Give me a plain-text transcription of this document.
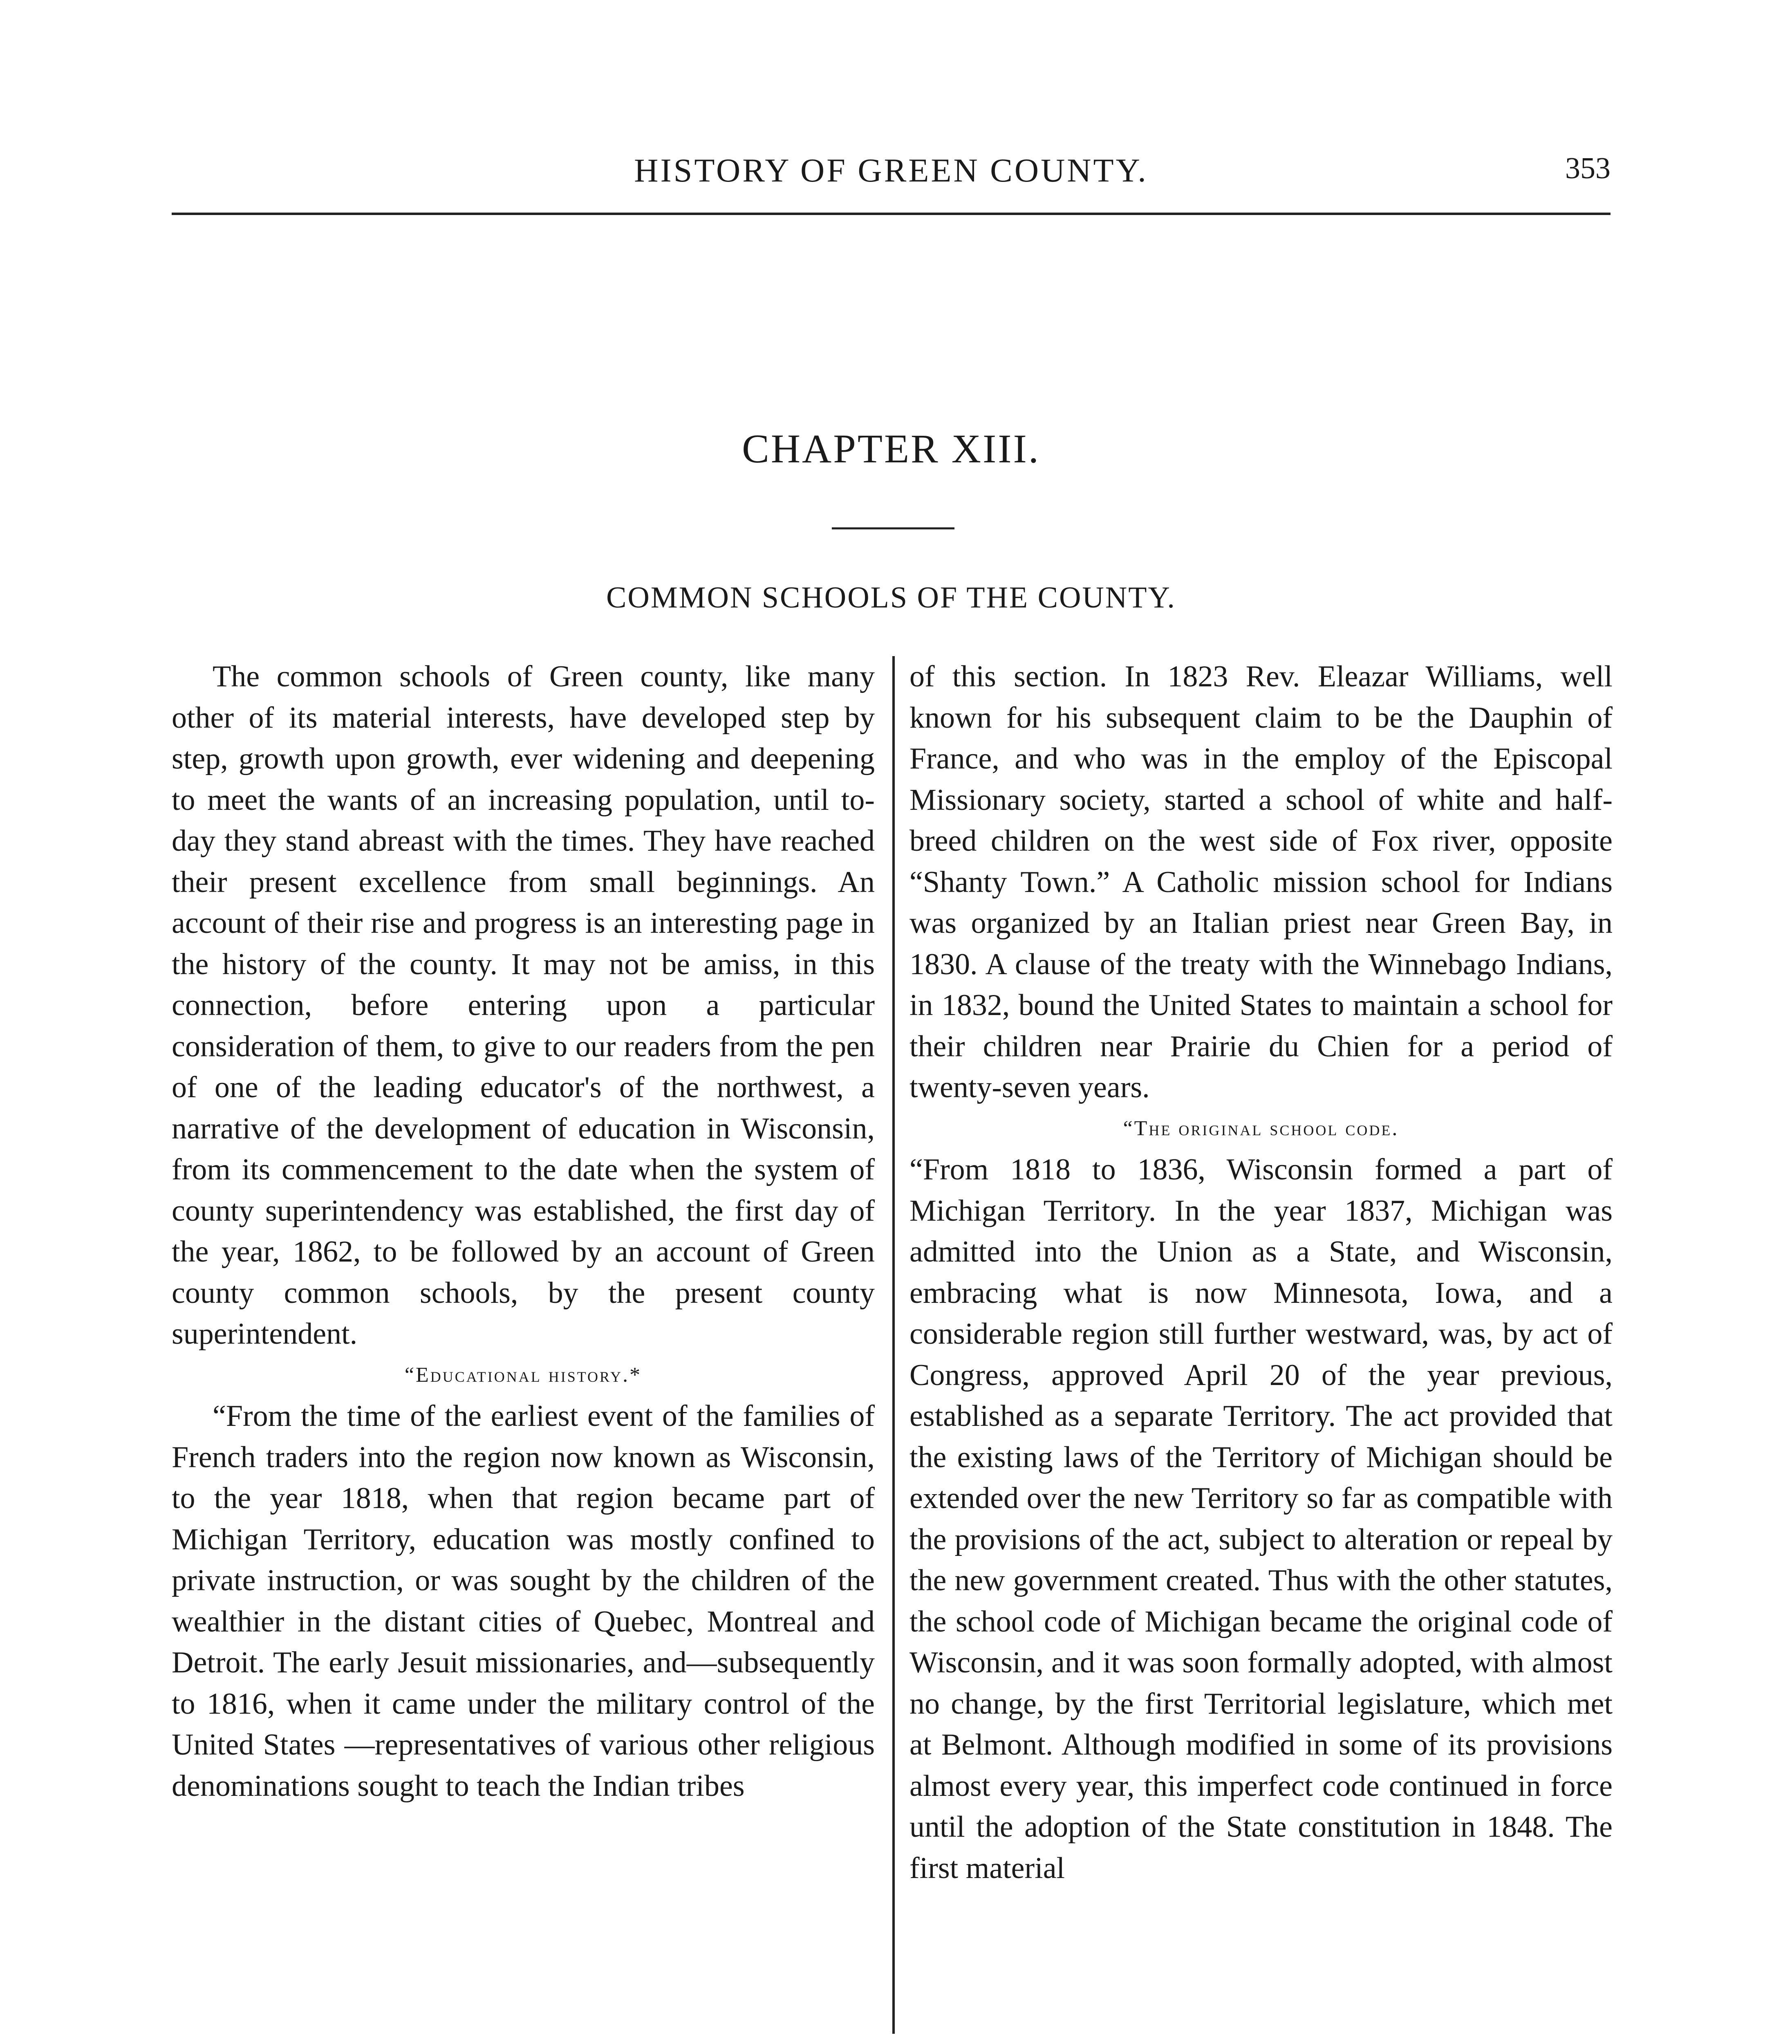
HISTORY OF GREEN COUNTY.	353
CHAPTER XIII.
COMMON SCHOOLS OF THE COUNTY.

The common schools of Green county, like many other of its material interests, have developed step by step, growth upon growth, ever widening and deepening to meet the wants of an increasing population, until to-day they stand abreast with the times. They have reached their present excellence from small beginnings. An account of their rise and progress is an interesting page in the history of the county. It may not be amiss, in this connection, before entering upon a particular consideration of them, to give to our readers from the pen of one of the leading educator's of the northwest, a narrative of the development of education in Wisconsin, from its commencement to the date when the system of county superintendency was established, the first day of the year, 1862, to be followed by an account of Green county common schools, by the present county superintendent.

“Educational history.*

“From the time of the earliest event of the families of French traders into the region now known as Wisconsin, to the year 1818, when that region became part of Michigan Territory, education was mostly confined to private instruction, or was sought by the children of the wealthier in the distant cities of Quebec, Montreal and Detroit. The early Jesuit missionaries, and—subsequently to 1816, when it came under the military control of the United States —representatives of various other religious denominations sought to teach the Indian tribes

of this section. In 1823 Rev. Eleazar Williams, well known for his subsequent claim to be the Dauphin of France, and who was in the employ of the Episcopal Missionary society, started a school of white and half-breed children on the west side of Fox river, opposite “Shanty Town.” A Catholic mission school for Indians was organized by an Italian priest near Green Bay, in 1830. A clause of the treaty with the Winnebago Indians, in 1832, bound the United States to maintain a school for their children near Prairie du Chien for a period of twenty-seven years.

“The original school code.

“From 1818 to 1836, Wisconsin formed a part of Michigan Territory. In the year 1837, Michigan was admitted into the Union as a State, and Wisconsin, embracing what is now Minnesota, Iowa, and a considerable region still further westward, was, by act of Congress, approved April 20 of the year previous, established as a separate Territory. The act provided that the existing laws of the Territory of Michigan should be extended over the new Territory so far as compatible with the provisions of the act, subject to alteration or repeal by the new government created. Thus with the other statutes, the school code of Michigan became the original code of Wisconsin, and it was soon formally adopted, with almost no change, by the first Territorial legislature, which met at Belmont. Although modified in some of its provisions almost every year, this imperfect code continued in force until the adoption of the State constitution in 1848. The first material
